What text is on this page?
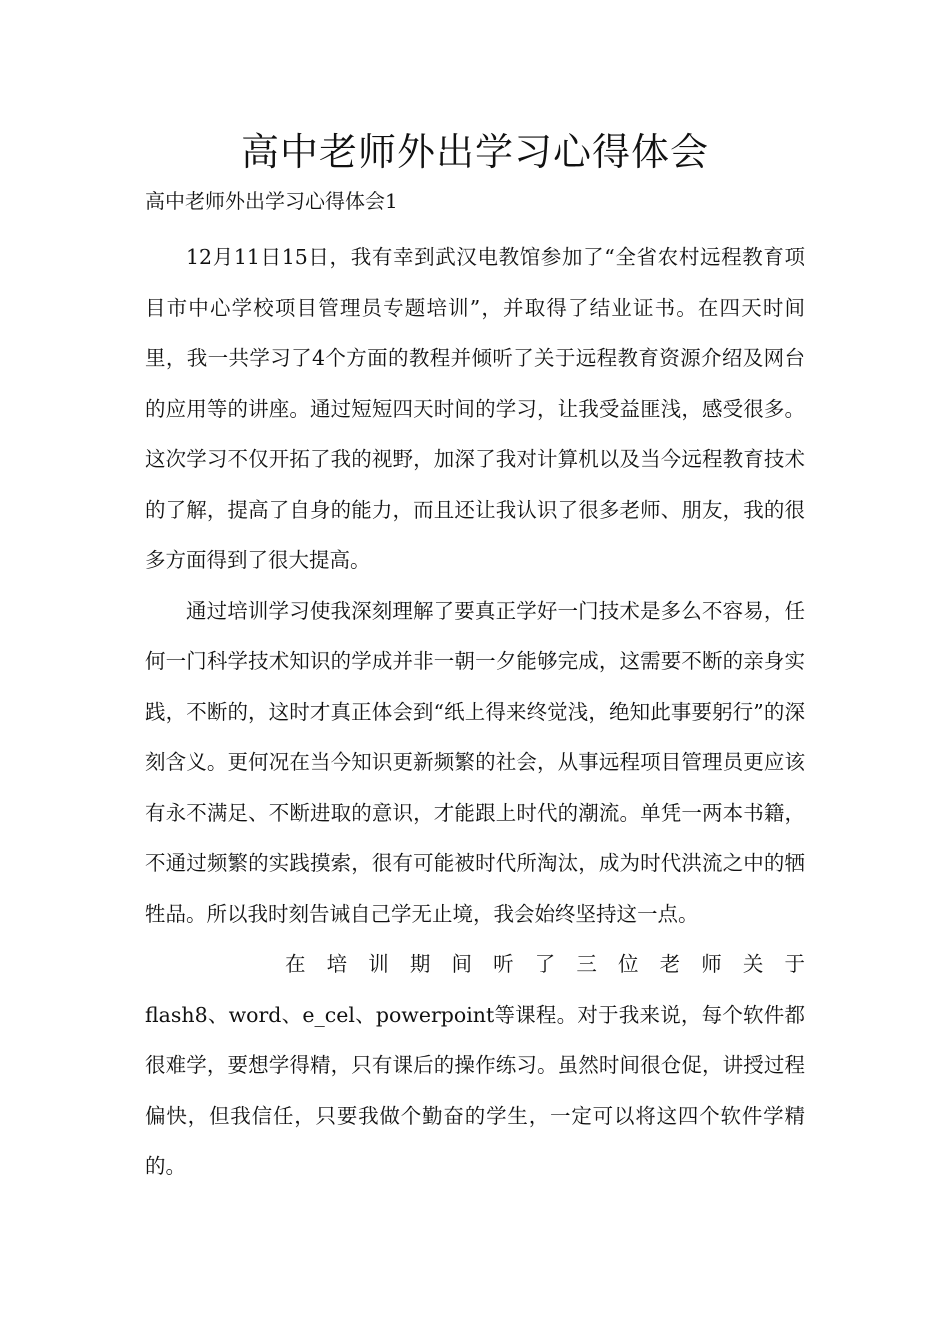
高中老师外出学习心得体会

高中老师外出学习心得体会1

12月11日15日，我有幸到武汉电教馆参加了“全省农村远程教育项目市中心学校项目管理员专题培训”，并取得了结业证书。在四天时间里，我一共学习了4个方面的教程并倾听了关于远程教育资源介绍及网台的应用等的讲座。通过短短四天时间的学习，让我受益匪浅，感受很多。这次学习不仅开拓了我的视野，加深了我对计算机以及当今远程教育技术的了解，提高了自身的能力，而且还让我认识了很多老师、朋友，我的很多方面得到了很大提高。

通过培训学习使我深刻理解了要真正学好一门技术是多么不容易，任何一门科学技术知识的学成并非一朝一夕能够完成，这需要不断的亲身实践，不断的，这时才真正体会到“纸上得来终觉浅，绝知此事要躬行”的深刻含义。更何况在当今知识更新频繁的社会，从事远程项目管理员更应该有永不满足、不断进取的意识，才能跟上时代的潮流。单凭一两本书籍，不通过频繁的实践摸索，很有可能被时代所淘汰，成为时代洪流之中的牺牲品。所以我时刻告诫自己学无止境，我会始终坚持这一点。

在培训期间听了三位老师关于
flash8、word、e_cel、powerpoint等课程。对于我来说，每个软件都很难学，要想学得精，只有课后的操作练习。虽然时间很仓促，讲授过程偏快，但我信任，只要我做个勤奋的学生，一定可以将这四个软件学精的。
